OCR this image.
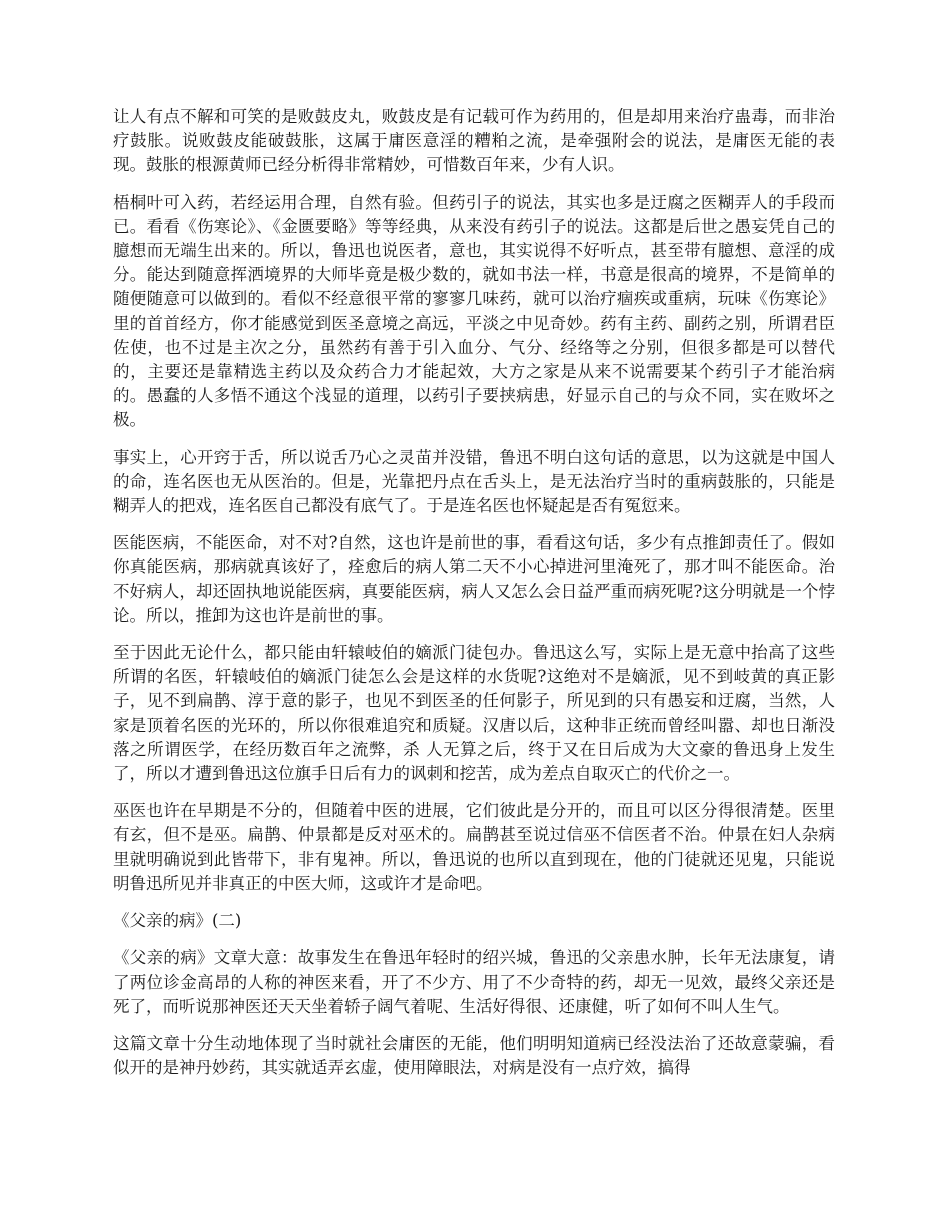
让人有点不解和可笑的是败鼓皮丸，败鼓皮是有记载可作为药用的，但是却用来治疗蛊毒，而非治疗鼓胀。说败鼓皮能破鼓胀，这属于庸医意淫的糟粕之流，是牵强附会的说法，是庸医无能的表现。鼓胀的根源黄师已经分析得非常精妙，可惜数百年来，少有人识。

梧桐叶可入药，若经运用合理，自然有验。但药引子的说法，其实也多是迂腐之医糊弄人的手段而已。看看《伤寒论》、《金匮要略》等等经典，从来没有药引子的说法。这都是后世之愚妄凭自己的臆想而无端生出来的。所以，鲁迅也说医者，意也，其实说得不好听点，甚至带有臆想、意淫的成分。能达到随意挥洒境界的大师毕竟是极少数的，就如书法一样，书意是很高的境界，不是简单的随便随意可以做到的。看似不经意很平常的寥寥几味药，就可以治疗痼疾或重病，玩味《伤寒论》里的首首经方，你才能感觉到医圣意境之高远，平淡之中见奇妙。药有主药、副药之别，所谓君臣佐使，也不过是主次之分，虽然药有善于引入血分、气分、经络等之分别，但很多都是可以替代的，主要还是靠精选主药以及众药合力才能起效，大方之家是从来不说需要某个药引子才能治病的。愚蠢的人多悟不通这个浅显的道理，以药引子要挟病患，好显示自己的与众不同，实在败坏之极。

事实上，心开窍于舌，所以说舌乃心之灵苗并没错，鲁迅不明白这句话的意思，以为这就是中国人的命，连名医也无从医治的。但是，光靠把丹点在舌头上，是无法治疗当时的重病鼓胀的，只能是糊弄人的把戏，连名医自己都没有底气了。于是连名医也怀疑起是否有冤愆来。

医能医病，不能医命，对不对?自然，这也许是前世的事，看看这句话，多少有点推卸责任了。假如你真能医病，那病就真该好了，痊愈后的病人第二天不小心掉进河里淹死了，那才叫不能医命。治不好病人，却还固执地说能医病，真要能医病，病人又怎么会日益严重而病死呢?这分明就是一个悖论。所以，推卸为这也许是前世的事。

至于因此无论什么，都只能由轩辕岐伯的嫡派门徒包办。鲁迅这么写，实际上是无意中抬高了这些所谓的名医，轩辕岐伯的嫡派门徒怎么会是这样的水货呢?这绝对不是嫡派，见不到岐黄的真正影子，见不到扁鹊、淳于意的影子，也见不到医圣的任何影子，所见到的只有愚妄和迂腐，当然，人家是顶着名医的光环的，所以你很难追究和质疑。汉唐以后，这种非正统而曾经叫嚣、却也日渐没落之所谓医学，在经历数百年之流弊，杀 人无算之后，终于又在日后成为大文豪的鲁迅身上发生了，所以才遭到鲁迅这位旗手日后有力的讽刺和挖苦，成为差点自取灭亡的代价之一。

巫医也许在早期是不分的，但随着中医的进展，它们彼此是分开的，而且可以区分得很清楚。医里有玄，但不是巫。扁鹊、仲景都是反对巫术的。扁鹊甚至说过信巫不信医者不治。仲景在妇人杂病里就明确说到此皆带下，非有鬼神。所以，鲁迅说的也所以直到现在，他的门徒就还见鬼，只能说明鲁迅所见并非真正的中医大师，这或许才是命吧。

《父亲的病》(二)

《父亲的病》文章大意：故事发生在鲁迅年轻时的绍兴城，鲁迅的父亲患水肿，长年无法康复，请了两位诊金高昂的人称的神医来看，开了不少方、用了不少奇特的药，却无一见效，最终父亲还是死了，而听说那神医还天天坐着轿子阔气着呢、生活好得很、还康健，听了如何不叫人生气。

这篇文章十分生动地体现了当时就社会庸医的无能，他们明明知道病已经没法治了还故意蒙骗，看似开的是神丹妙药，其实就适弄玄虚，使用障眼法，对病是没有一点疗效，搞得
